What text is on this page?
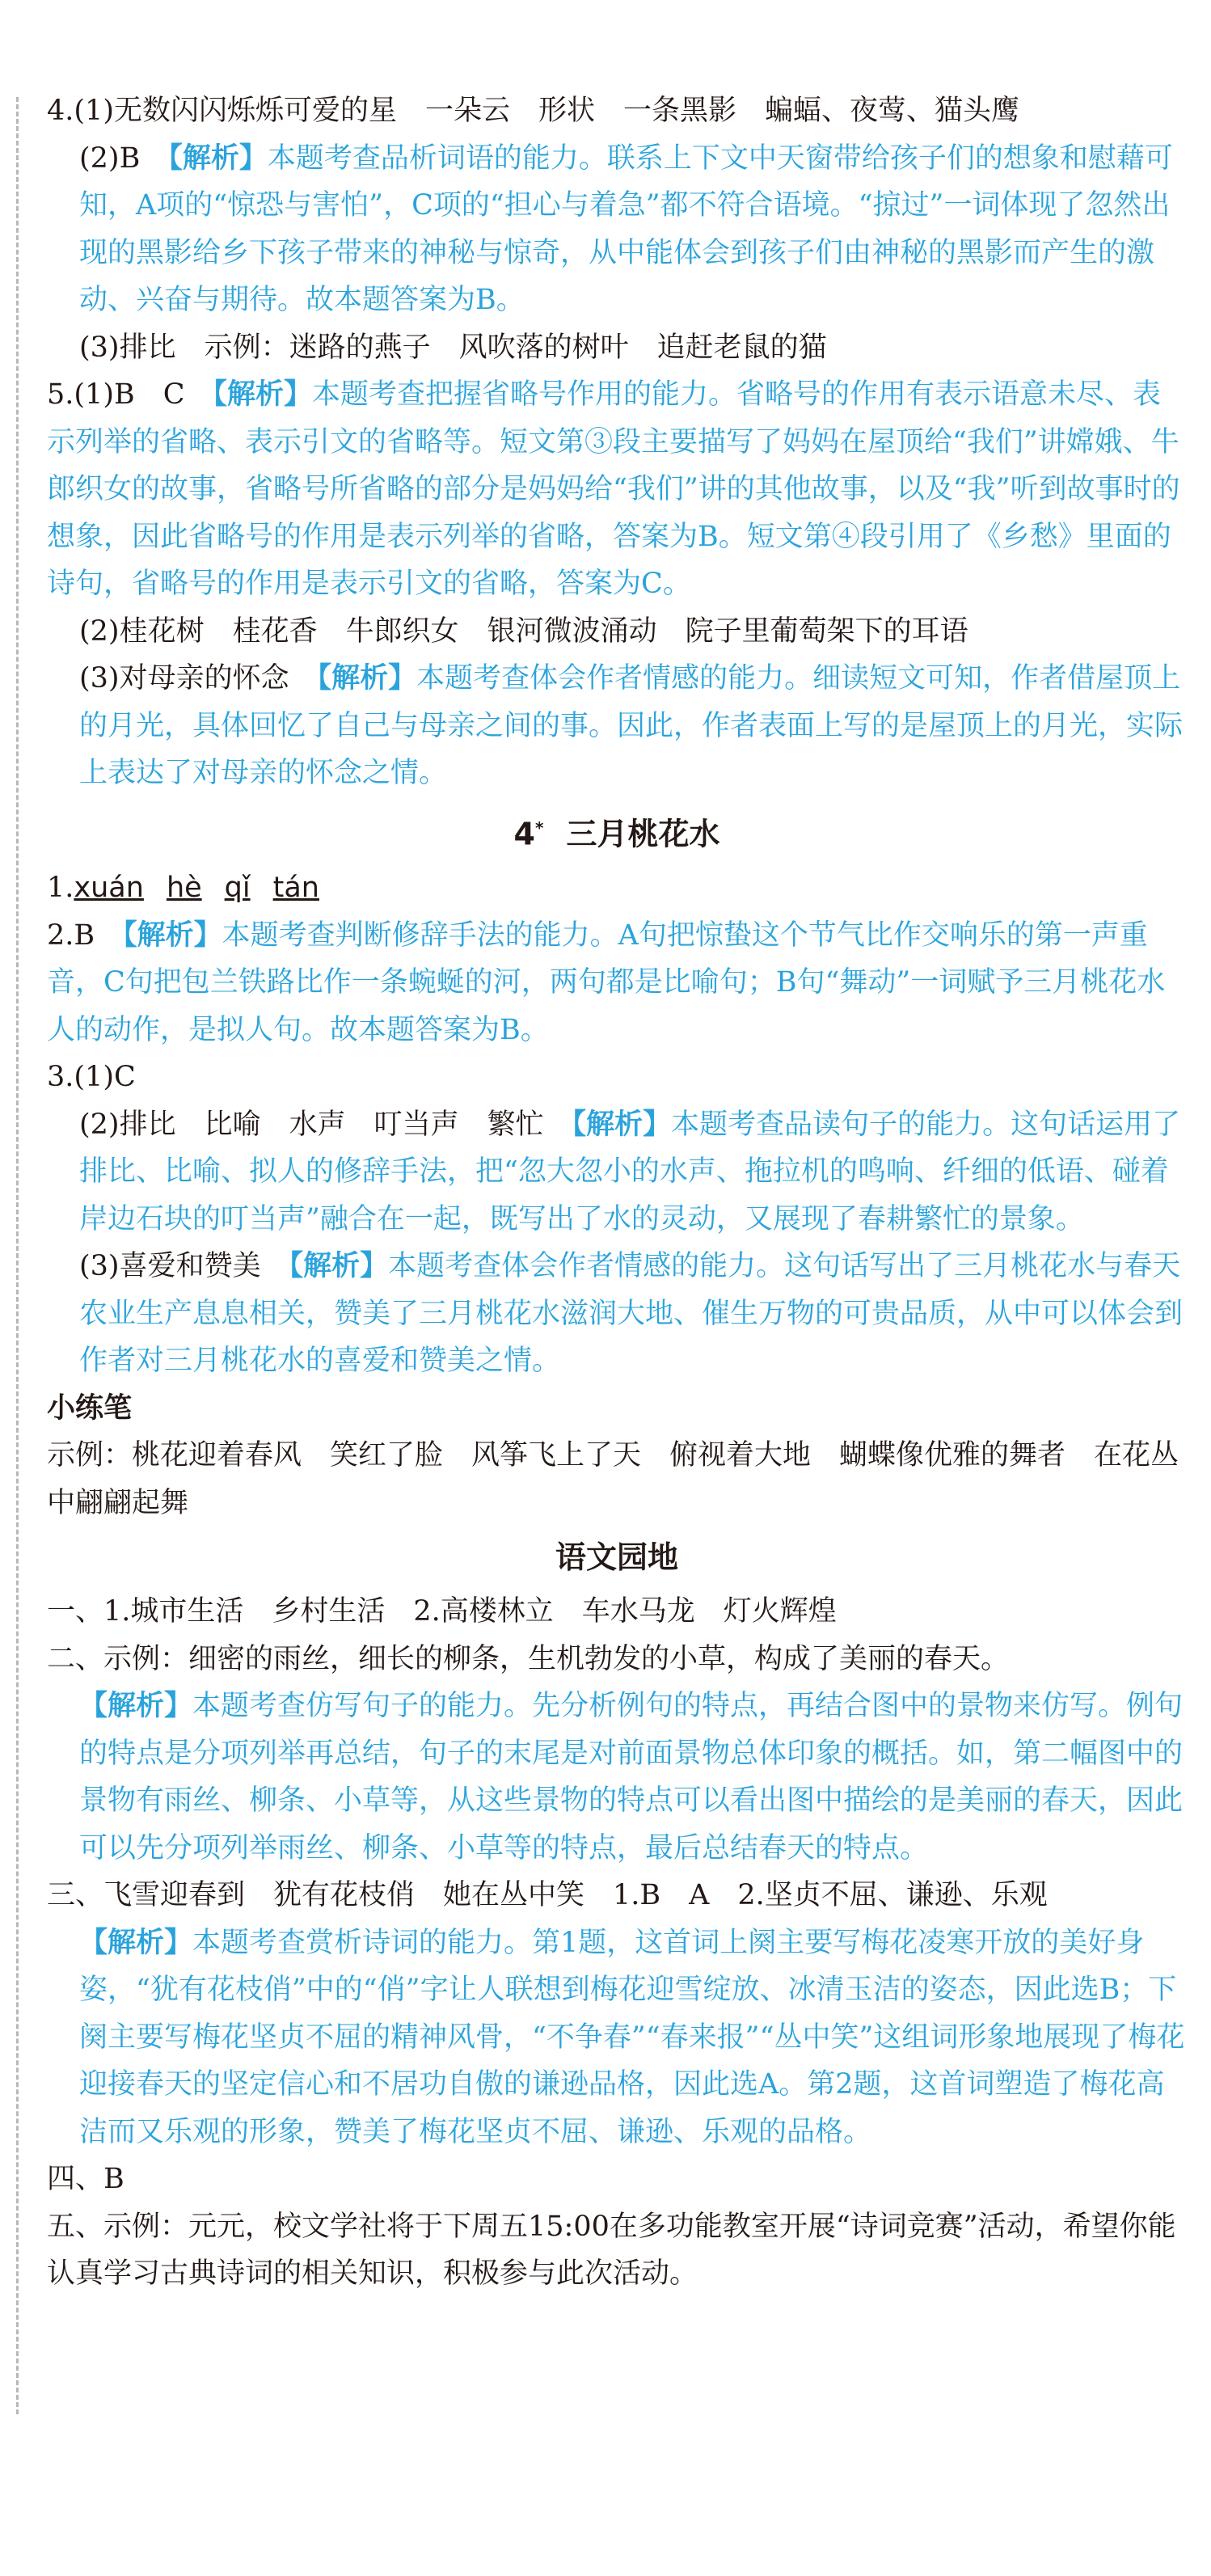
4.(1)无数闪闪烁烁可爱的星　一朵云　形状　一条黑影　蝙蝠、夜莺、猫头鹰

(2)B　【解析】本题考查品析词语的能力。联系上下文中天窗带给孩子们的想象和慰藉可知，A项的“惊恐与害怕”，C项的“担心与着急”都不符合语境。“掠过”一词体现了忽然出现的黑影给乡下孩子带来的神秘与惊奇，从中能体会到孩子们由神秘的黑影而产生的激动、兴奋与期待。故本题答案为B。

(3)排比　示例：迷路的燕子　风吹落的树叶　追赶老鼠的猫

5.(1)B　C　【解析】本题考查把握省略号作用的能力。省略号的作用有表示语意未尽、表示列举的省略、表示引文的省略等。短文第③段主要描写了妈妈在屋顶给“我们”讲嫦娥、牛郎织女的故事，省略号所省略的部分是妈妈给“我们”讲的其他故事，以及“我”听到故事时的想象，因此省略号的作用是表示列举的省略，答案为B。短文第④段引用了《乡愁》里面的诗句，省略号的作用是表示引文的省略，答案为C。

(2)桂花树　桂花香　牛郎织女　银河微波涌动　院子里葡萄架下的耳语

(3)对母亲的怀念　【解析】本题考查体会作者情感的能力。细读短文可知，作者借屋顶上的月光，具体回忆了自己与母亲之间的事。因此，作者表面上写的是屋顶上的月光，实际上表达了对母亲的怀念之情。

4* 三月桃花水

1.xuán hè qǐ tán

2.B　【解析】本题考查判断修辞手法的能力。A句把惊蛰这个节气比作交响乐的第一声重音，C句把包兰铁路比作一条蜿蜒的河，两句都是比喻句；B句“舞动”一词赋予三月桃花水人的动作，是拟人句。故本题答案为B。

3.(1)C

(2)排比　比喻　水声　叮当声　繁忙　【解析】本题考查品读句子的能力。这句话运用了排比、比喻、拟人的修辞手法，把“忽大忽小的水声、拖拉机的鸣响、纤细的低语、碰着岸边石块的叮当声”融合在一起，既写出了水的灵动，又展现了春耕繁忙的景象。

(3)喜爱和赞美　【解析】本题考查体会作者情感的能力。这句话写出了三月桃花水与春天农业生产息息相关，赞美了三月桃花水滋润大地、催生万物的可贵品质，从中可以体会到作者对三月桃花水的喜爱和赞美之情。

小练笔

示例：桃花迎着春风　笑红了脸　风筝飞上了天　俯视着大地　蝴蝶像优雅的舞者　在花丛中翩翩起舞

语文园地

一、1.城市生活　乡村生活　2.高楼林立　车水马龙　灯火辉煌

二、示例：细密的雨丝，细长的柳条，生机勃发的小草，构成了美丽的春天。

【解析】本题考查仿写句子的能力。先分析例句的特点，再结合图中的景物来仿写。例句的特点是分项列举再总结，句子的末尾是对前面景物总体印象的概括。如，第二幅图中的景物有雨丝、柳条、小草等，从这些景物的特点可以看出图中描绘的是美丽的春天，因此可以先分项列举雨丝、柳条、小草等的特点，最后总结春天的特点。

三、飞雪迎春到　犹有花枝俏　她在丛中笑　1.B　A　2.坚贞不屈、谦逊、乐观

【解析】本题考查赏析诗词的能力。第1题，这首词上阕主要写梅花凌寒开放的美好身姿，“犹有花枝俏”中的“俏”字让人联想到梅花迎雪绽放、冰清玉洁的姿态，因此选B；下阕主要写梅花坚贞不屈的精神风骨，“不争春”“春来报”“丛中笑”这组词形象地展现了梅花迎接春天的坚定信心和不居功自傲的谦逊品格，因此选A。第2题，这首词塑造了梅花高洁而又乐观的形象，赞美了梅花坚贞不屈、谦逊、乐观的品格。

四、B

五、示例：元元，校文学社将于下周五15:00在多功能教室开展“诗词竞赛”活动，希望你能认真学习古典诗词的相关知识，积极参与此次活动。
